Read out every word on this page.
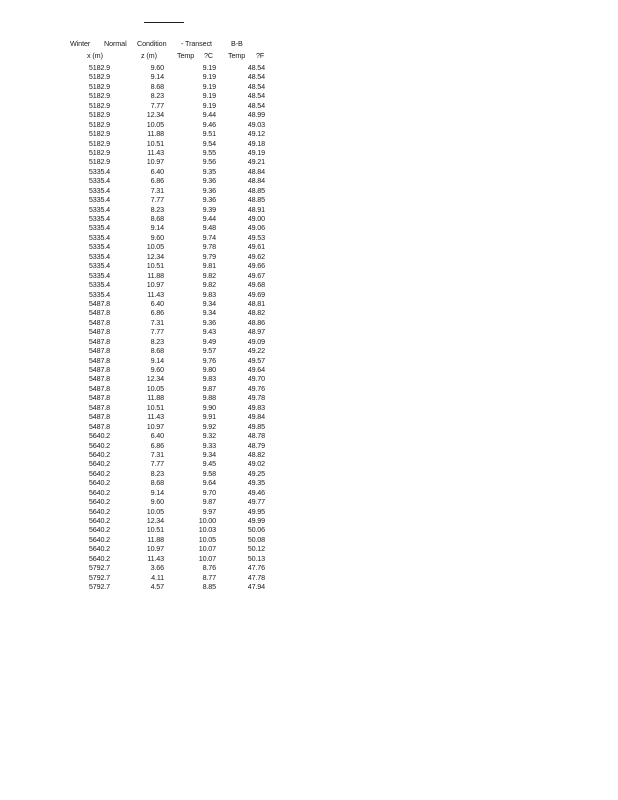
Winter Normal Condition - Transect	B-B
x (m)	z (m)	Temp ?C Temp ?F
5182.9	9.60	9.19	48.54
5182.9	9.14	9.19	48.54
5182.9	8.68	9.19	48.54
5182.9	8.23	9.19	48.54
5182.9	7.77	9.19	48.54
5182.9	12.34	9.44	48.99
5182.9	10.05	9.46	49.03
5182.9	11.88	9.51	49.12
5182.9	10.51	9.54	49.18
5182.9	11.43	9.55	49.19
5182.9	10.97	9.56	49.21
5335.4	6.40	9.35	48.84
5335.4	6.86	9.36	48.84
5335.4	7.31	9.36	48.85
5335.4	7.77	9.36	48.85
5335.4	8.23	9.39	48.91
5335.4	8.68	9.44	49.00
5335.4	9.14	9.48	49.06
5335.4	9.60	9.74	49.53
5335.4	10.05	9.78	49.61
5335.4	12.34	9.79	49.62
5335.4	10.51	9.81	49.66
5335.4	11.88	9.82	49.67
5335.4	10.97	9.82	49.68
5335.4	11.43	9.83	49.69
5487.8	6.40	9.34	48.81
5487.8	6.86	9.34	48.82
5487.8	7.31	9.36	48.86
5487.8	7.77	9.43	48.97
5487.8	8.23	9.49	49.09
5487.8	8.68	9.57	49.22
5487.8	9.14	9.76	49.57
5487.8	9.60	9.80	49.64
5487.8	12.34	9.83	49.70
5487.8	10.05	9.87	49.76
5487.8	11.88	9.88	49.78
5487.8	10.51	9.90	49.83
5487.8	11.43	9.91	49.84
5487.8	10.97	9.92	49.85
5640.2	6.40	9.32	48.78
5640.2	6.86	9.33	48.79
5640.2	7.31	9.34	48.82
5640.2	7.77	9.45	49.02
5640.2	8.23	9.58	49.25
5640.2	8.68	9.64	49.35
5640.2	9.14	9.70	49.46
5640.2	9.60	9.87	49.77
5640.2	10.05	9.97	49.95
5640.2	12.34	10.00	49.99
5640.2	10.51	10.03	50.06
5640.2	11.88	10.05	50.08
5640.2	10.97	10.07	50.12
5640.2	11.43	10.07	50.13
5792.7	3.66	8.76	47.76
5792.7	4.11	8.77	47.78
5792.7	4.57	8.85	47.94
